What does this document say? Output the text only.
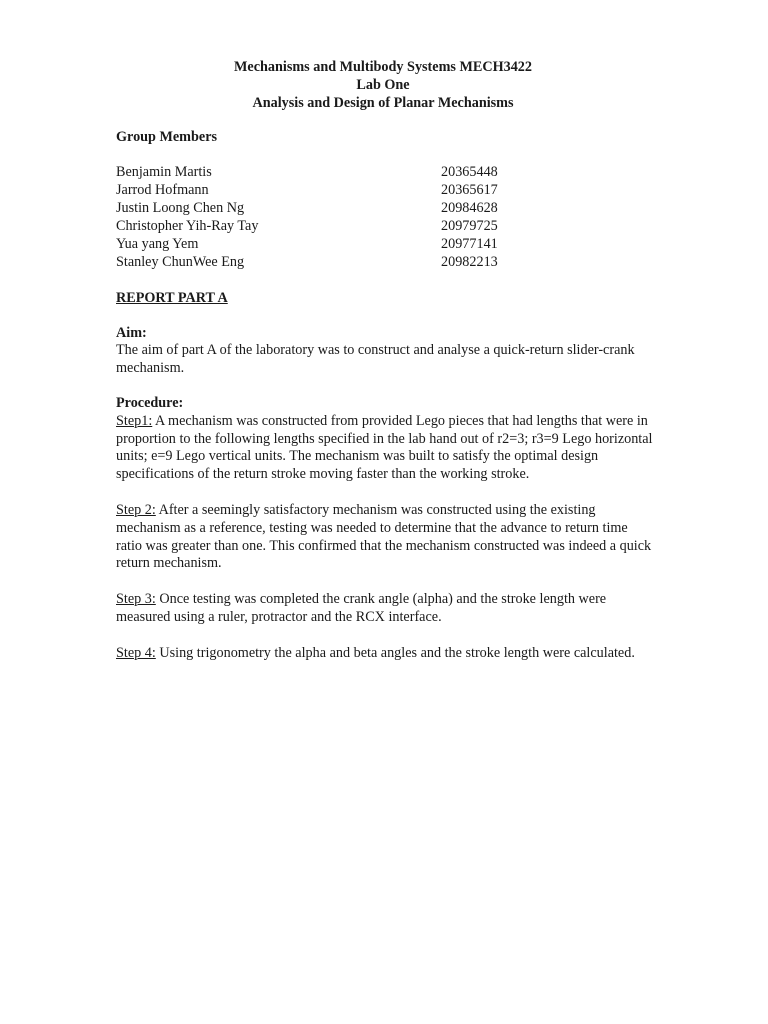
Mechanisms and Multibody Systems MECH3422
Lab One
Analysis and Design of Planar Mechanisms
Group Members
Benjamin Martis	20365448
Jarrod Hofmann	20365617
Justin Loong Chen Ng	20984628
Christopher Yih-Ray Tay	20979725
Yua yang Yem	20977141
Stanley ChunWee Eng	20982213
REPORT PART A
Aim:

The aim of part A of the laboratory was to construct and analyse a quick-return slider-crank mechanism.

Procedure:

Step1: A mechanism was constructed from provided Lego pieces that had lengths that were in proportion to the following lengths specified in the lab hand out of r2=3; r3=9 Lego horizontal units; e=9 Lego vertical units. The mechanism was built to satisfy the optimal design specifications of the return stroke moving faster than the working stroke.

Step 2: After a seemingly satisfactory mechanism was constructed using the existing mechanism as a reference, testing was needed to determine that the advance to return time ratio was greater than one. This confirmed that the mechanism constructed was indeed a quick return mechanism.

Step 3: Once testing was completed the crank angle (alpha) and the stroke length were measured using a ruler, protractor and the RCX interface.

Step 4: Using trigonometry the alpha and beta angles and the stroke length were calculated.
